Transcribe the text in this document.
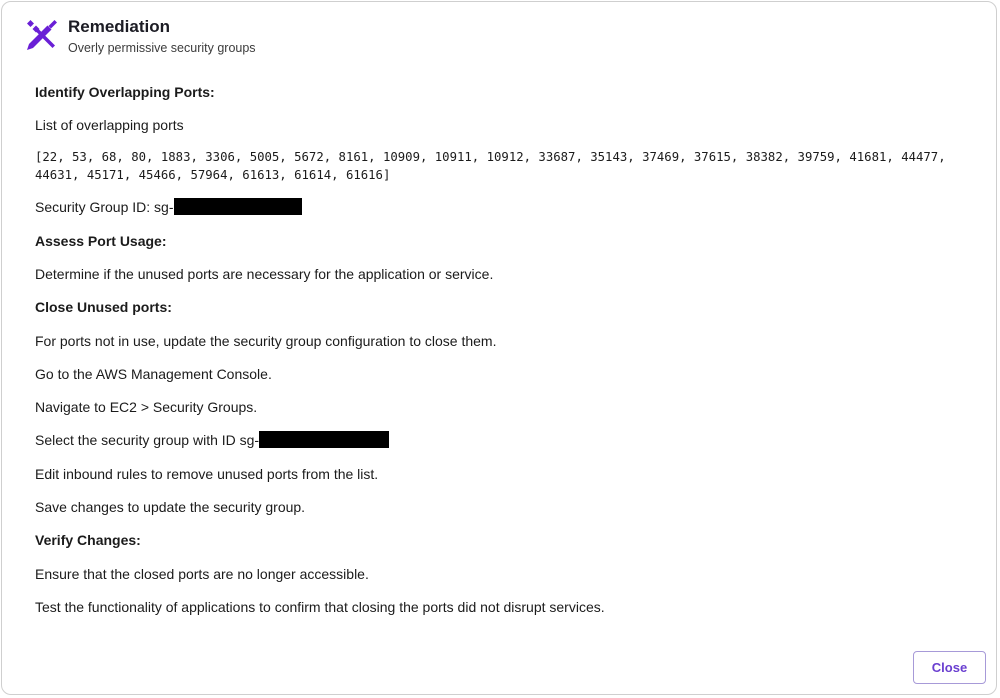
Remediation
Overly permissive security groups
Identify Overlapping Ports:
List of overlapping ports
[22, 53, 68, 80, 1883, 3306, 5005, 5672, 8161, 10909, 10911, 10912, 33687, 35143, 37469, 37615, 38382, 39759, 41681, 44477, 44631, 45171, 45466, 57964, 61613, 61614, 61616]
Security Group ID: sg-
Assess Port Usage:
Determine if the unused ports are necessary for the application or service.
Close Unused ports:
For ports not in use, update the security group configuration to close them.
Go to the AWS Management Console.
Navigate to EC2 > Security Groups.
Select the security group with ID sg-
Edit inbound rules to remove unused ports from the list.
Save changes to update the security group.
Verify Changes:
Ensure that the closed ports are no longer accessible.
Test the functionality of applications to confirm that closing the ports did not disrupt services.
Close
